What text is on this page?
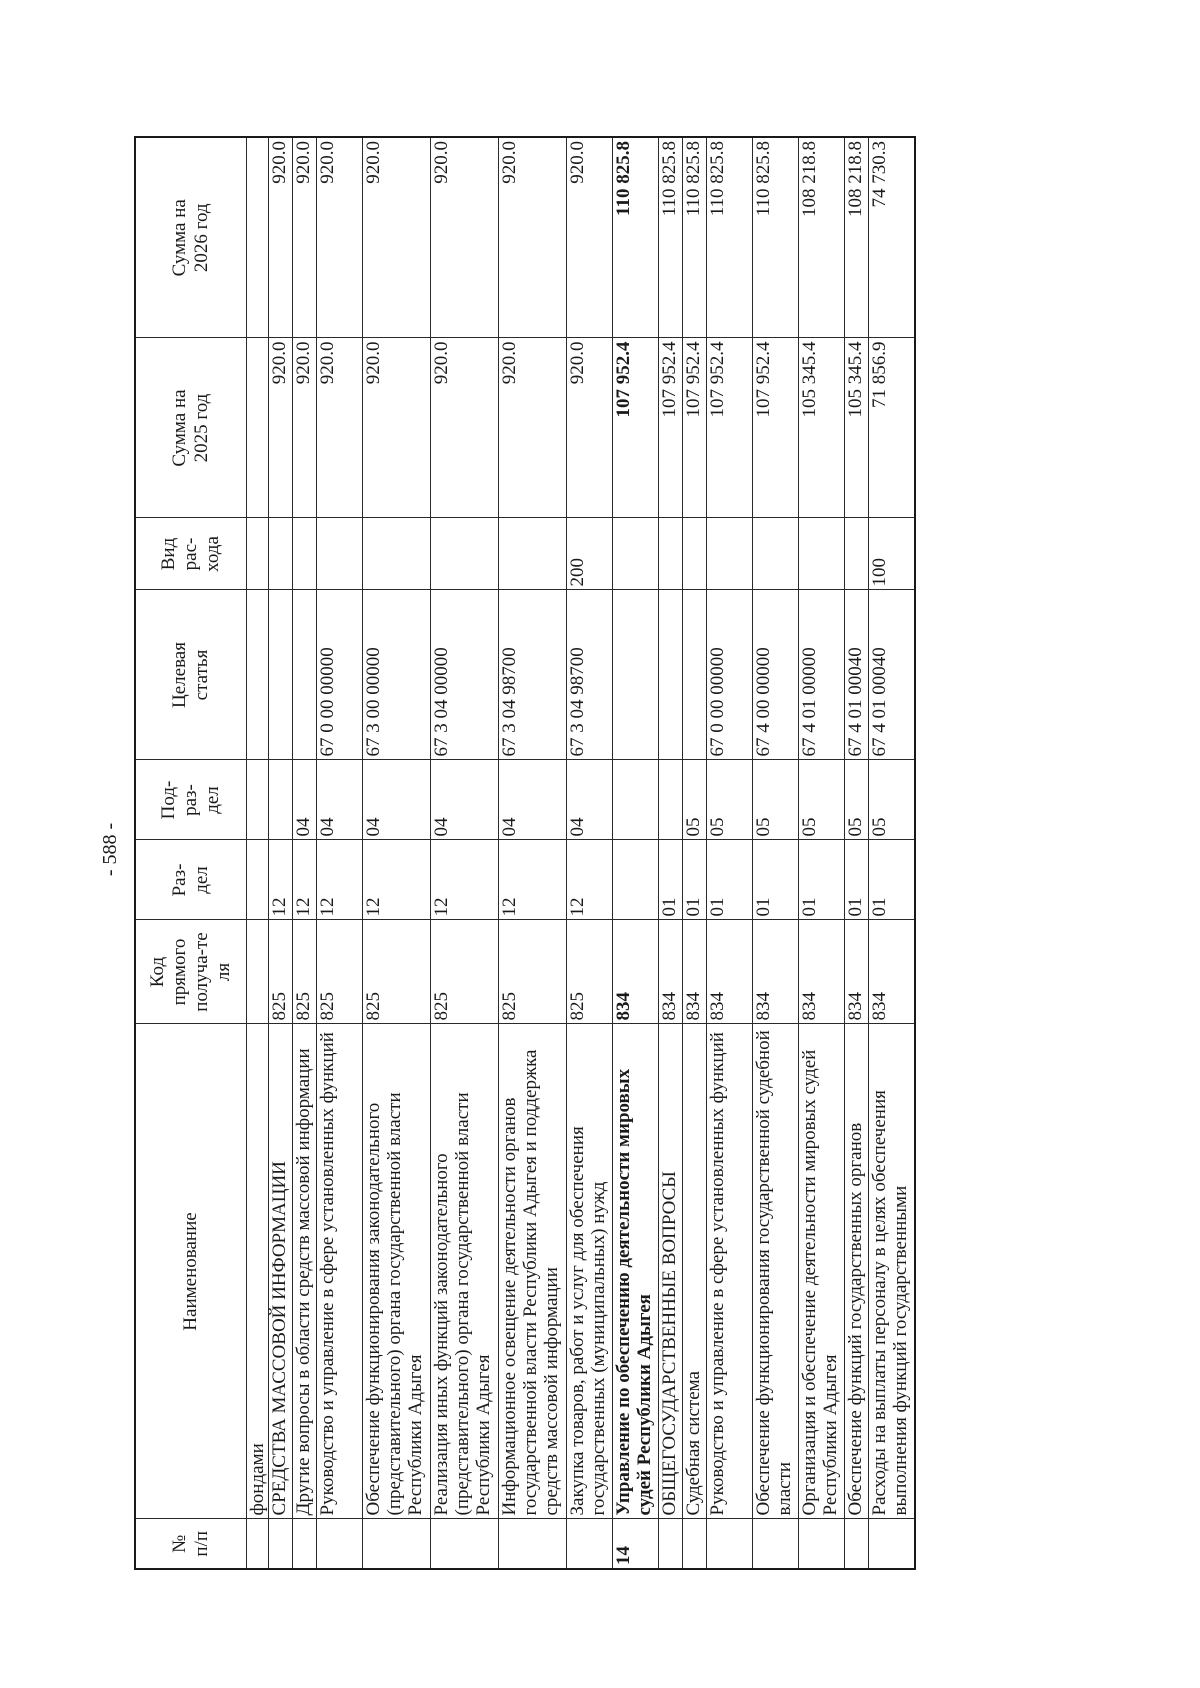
- 588 -
№
п/п	Наименование	Код
прямого
получа-те
ля	Раз-
дел	Под-
раз-
дел	Целевая
статья	Вид
рас-
хода	Сумма на
2025 год	Сумма на
2026 год
	фондами							
	СРЕДСТВА МАССОВОЙ ИНФОРМАЦИИ	825	12				920.0	920.0
	Другие вопросы в области средств массовой информации	825	12	04			920.0	920.0
	Руководство и управление в сфере установленных функций	825	12	04	67 0 00 00000		920.0	920.0
	Обеспечение функционирования законодательного (представительного) органа государственной власти Республики Адыгея	825	12	04	67 3 00 00000		920.0	920.0
	Реализация иных функций законодательного (представительного) органа государственной власти Республики Адыгея	825	12	04	67 3 04 00000		920.0	920.0
	Информационное освещение деятельности органов государственной власти Республики Адыгея и поддержка средств массовой информации	825	12	04	67 3 04 98700		920.0	920.0
	Закупка товаров, работ и услуг для обеспечения государственных (муниципальных) нужд	825	12	04	67 3 04 98700	200	920.0	920.0
14	Управление по обеспечению деятельности мировых судей Республики Адыгея	834					107 952.4	110 825.8
	ОБЩЕГОСУДАРСТВЕННЫЕ ВОПРОСЫ	834	01				107 952.4	110 825.8
	Судебная система	834	01	05			107 952.4	110 825.8
	Руководство и управление в сфере установленных функций	834	01	05	67 0 00 00000		107 952.4	110 825.8
	Обеспечение функционирования государственной судебной власти	834	01	05	67 4 00 00000		107 952.4	110 825.8
	Организация и обеспечение деятельности мировых судей Республики Адыгея	834	01	05	67 4 01 00000		105 345.4	108 218.8
	Обеспечение функций государственных органов	834	01	05	67 4 01 00040		105 345.4	108 218.8
	Расходы на выплаты персоналу в целях обеспечения выполнения функций государственными	834	01	05	67 4 01 00040	100	71 856.9	74 730.3
